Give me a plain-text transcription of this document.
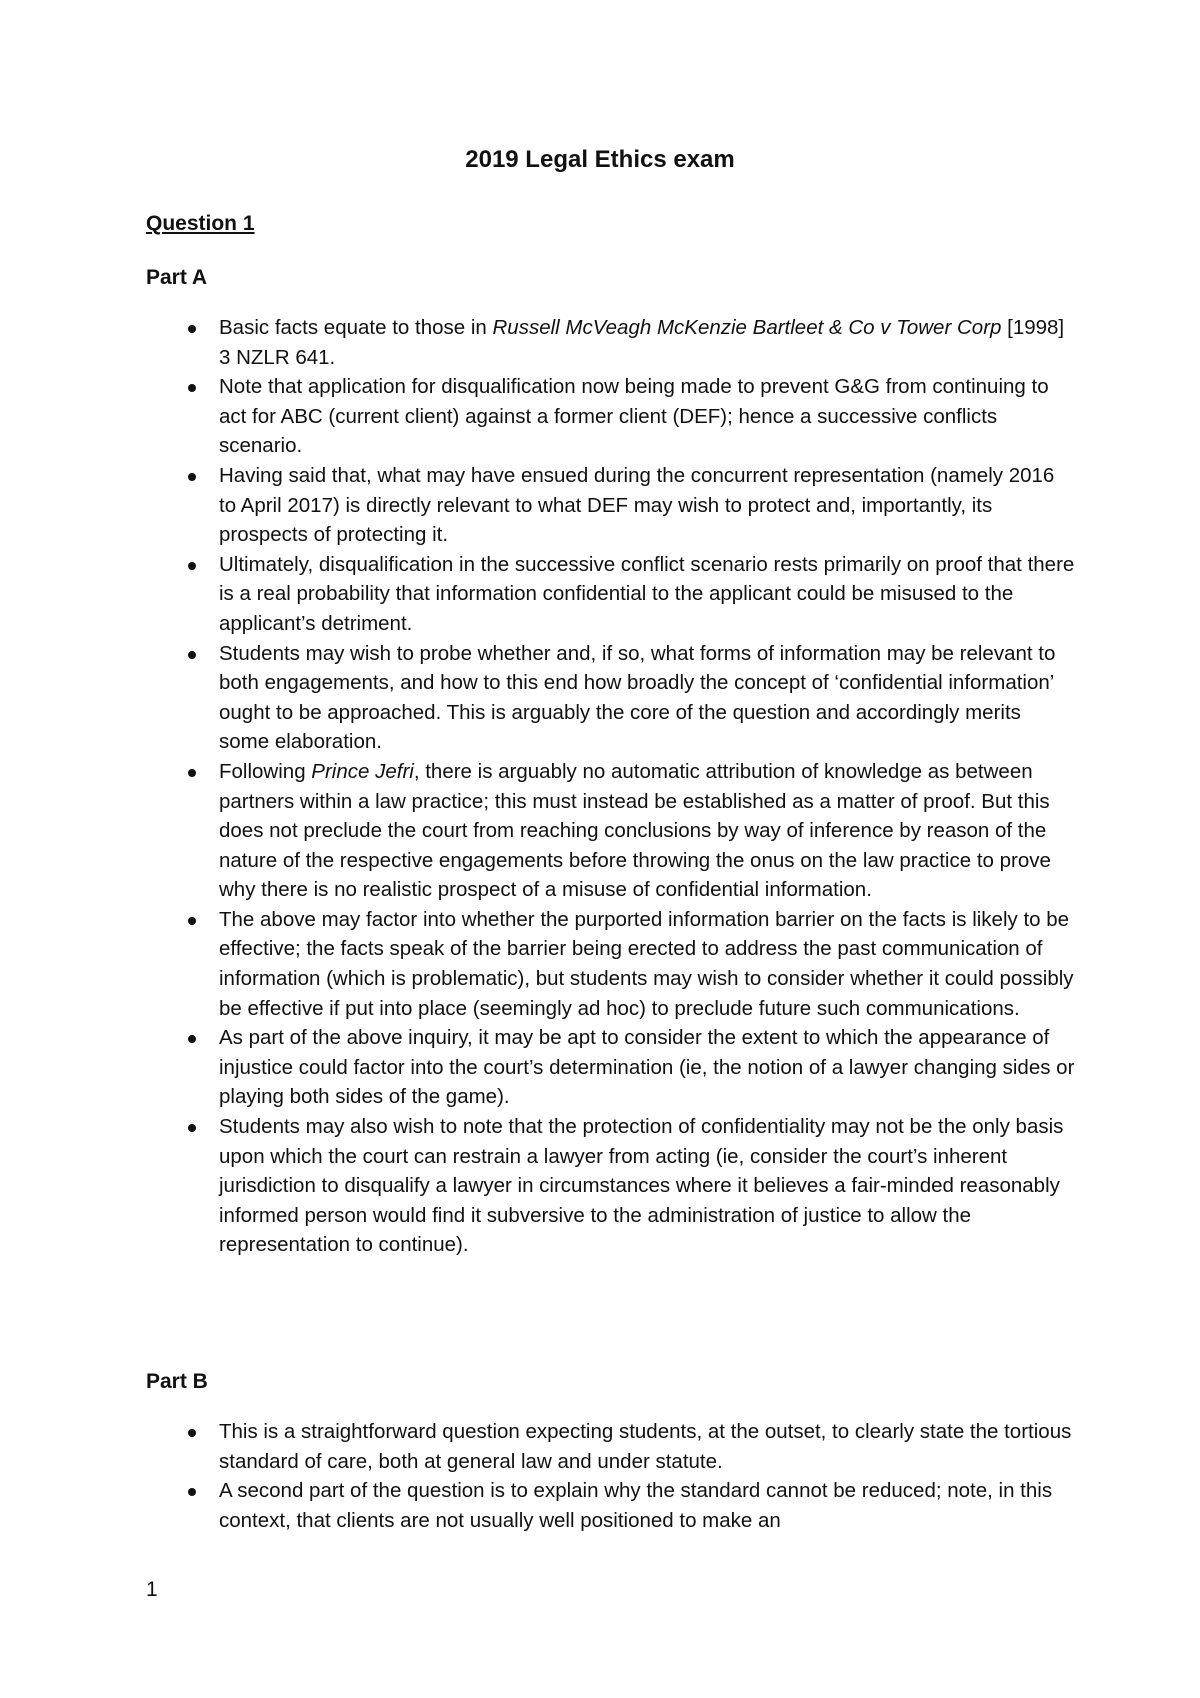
2019 Legal Ethics exam
Question 1
Part A
Basic facts equate to those in Russell McVeagh McKenzie Bartleet & Co v Tower Corp [1998] 3 NZLR 641.
Note that application for disqualification now being made to prevent G&G from continuing to act for ABC (current client) against a former client (DEF); hence a successive conflicts scenario.
Having said that, what may have ensued during the concurrent representation (namely 2016 to April 2017) is directly relevant to what DEF may wish to protect and, importantly, its prospects of protecting it.
Ultimately, disqualification in the successive conflict scenario rests primarily on proof that there is a real probability that information confidential to the applicant could be misused to the applicant’s detriment.
Students may wish to probe whether and, if so, what forms of information may be relevant to both engagements, and how to this end how broadly the concept of ‘confidential information’ ought to be approached. This is arguably the core of the question and accordingly merits some elaboration.
Following Prince Jefri, there is arguably no automatic attribution of knowledge as between partners within a law practice; this must instead be established as a matter of proof. But this does not preclude the court from reaching conclusions by way of inference by reason of the nature of the respective engagements before throwing the onus on the law practice to prove why there is no realistic prospect of a misuse of confidential information.
The above may factor into whether the purported information barrier on the facts is likely to be effective; the facts speak of the barrier being erected to address the past communication of information (which is problematic), but students may wish to consider whether it could possibly be effective if put into place (seemingly ad hoc) to preclude future such communications.
As part of the above inquiry, it may be apt to consider the extent to which the appearance of injustice could factor into the court’s determination (ie, the notion of a lawyer changing sides or playing both sides of the game).
Students may also wish to note that the protection of confidentiality may not be the only basis upon which the court can restrain a lawyer from acting (ie, consider the court’s inherent jurisdiction to disqualify a lawyer in circumstances where it believes a fair-minded reasonably informed person would find it subversive to the administration of justice to allow the representation to continue).
Part B
This is a straightforward question expecting students, at the outset, to clearly state the tortious standard of care, both at general law and under statute.
A second part of the question is to explain why the standard cannot be reduced; note, in this context, that clients are not usually well positioned to make an
1
